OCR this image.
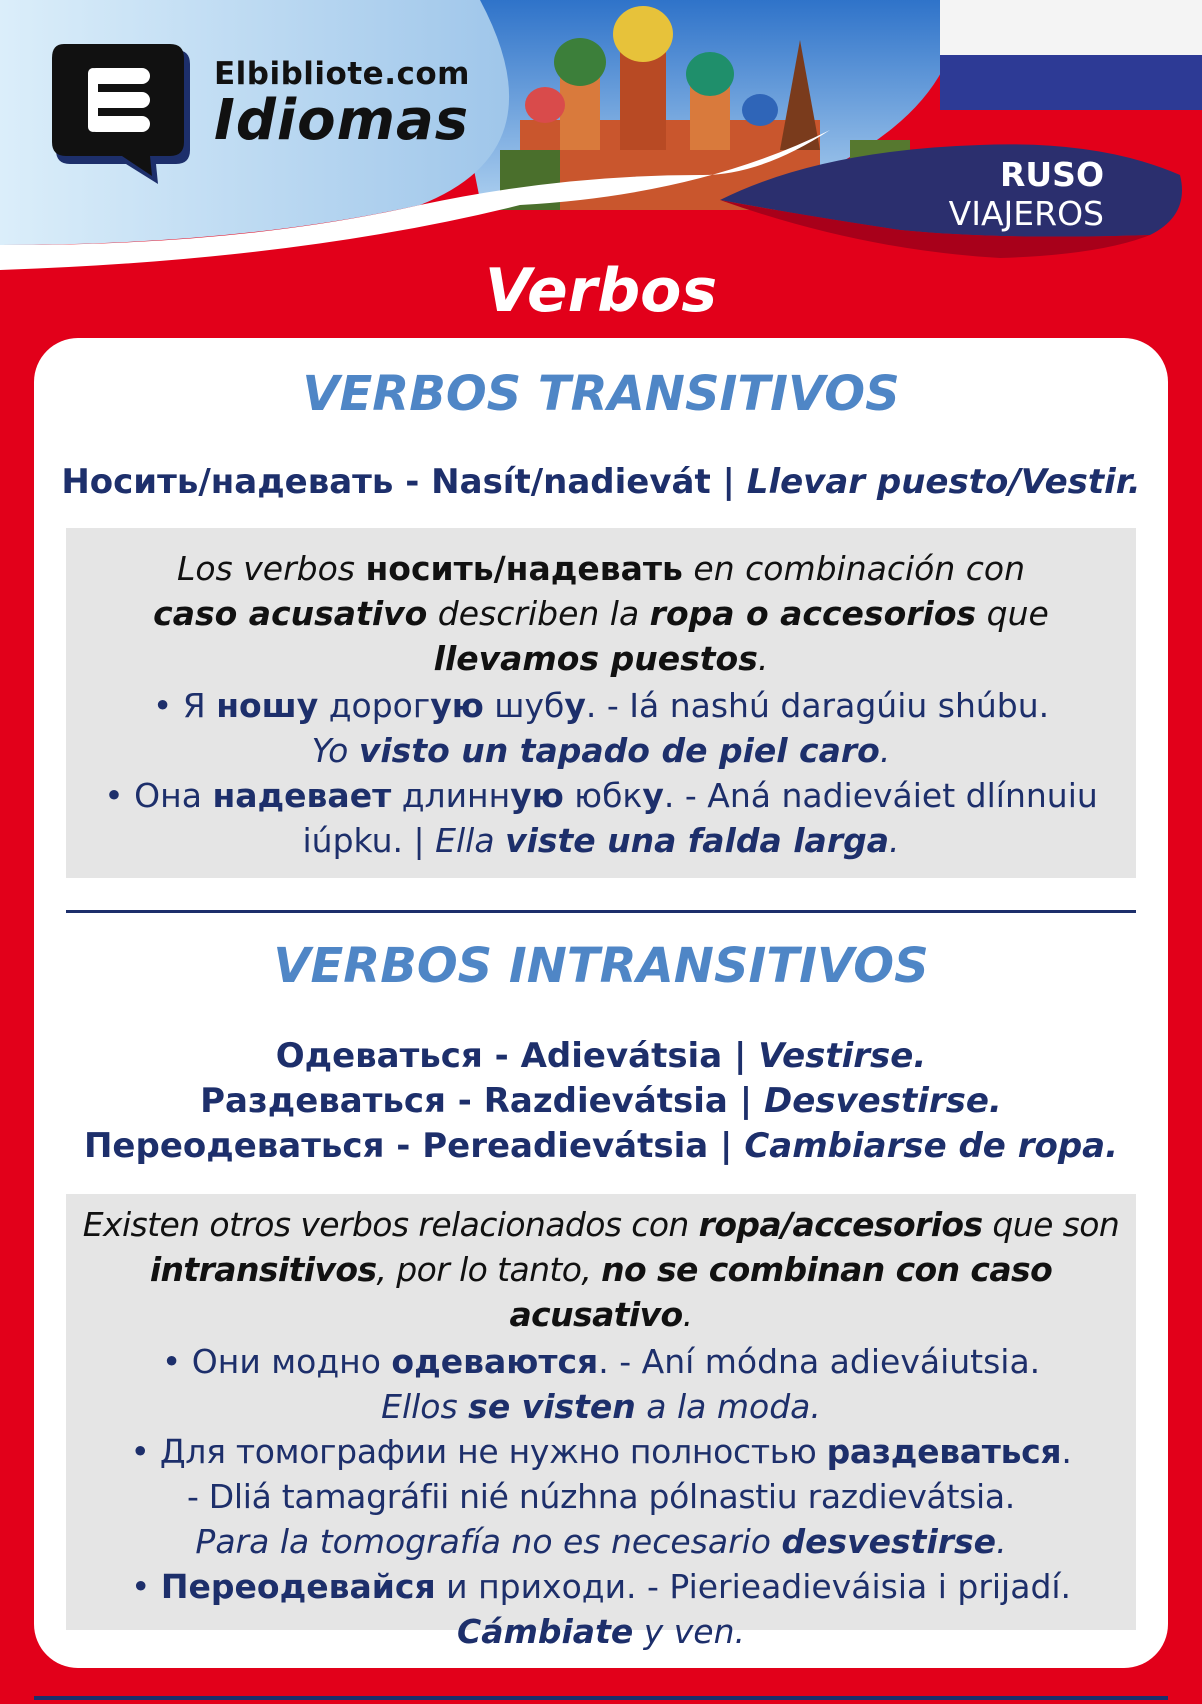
Elbibliote.com
Idiomas
RUSO
VIAJEROS
Verbos
VERBOS TRANSITIVOS
Носить/надевать - Nasít/nadievát | Llevar puesto/Vestir.

Los verbos носить/надевать en combinación con
caso acusativo describen la ropa o accesorios que
llevamos puestos.

• Я ношу дорогую шубу. - Iá nashú daragúiu shúbu.

Yo visto un tapado de piel caro.

• Она надевает длинную юбку. - Aná nadieváiet dlínnuiu
iúpku. | Ella viste una falda larga.

VERBOS INTRANSITIVOS
Одеваться - Adievátsia | Vestirse.
Раздеваться - Razdievátsia | Desvestirse.
Переодеваться - Pereadievátsia | Cambiarse de ropa.

Existen otros verbos relacionados con ropa/accesorios que son
intransitivos, por lo tanto, no se combinan con caso acusativo.

• Они модно одеваются. - Aní módna adieváiutsia.

Ellos se visten a la moda.

• Для томографии не нужно полностью раздеваться.
- Dliá tamagráfii nié núzhna pólnastiu razdievátsia.

Para la tomografía no es necesario desvestirse.

• Переодевайся и приходи. - Pierieadieváisia i prijadí.

Cámbiate y ven.
